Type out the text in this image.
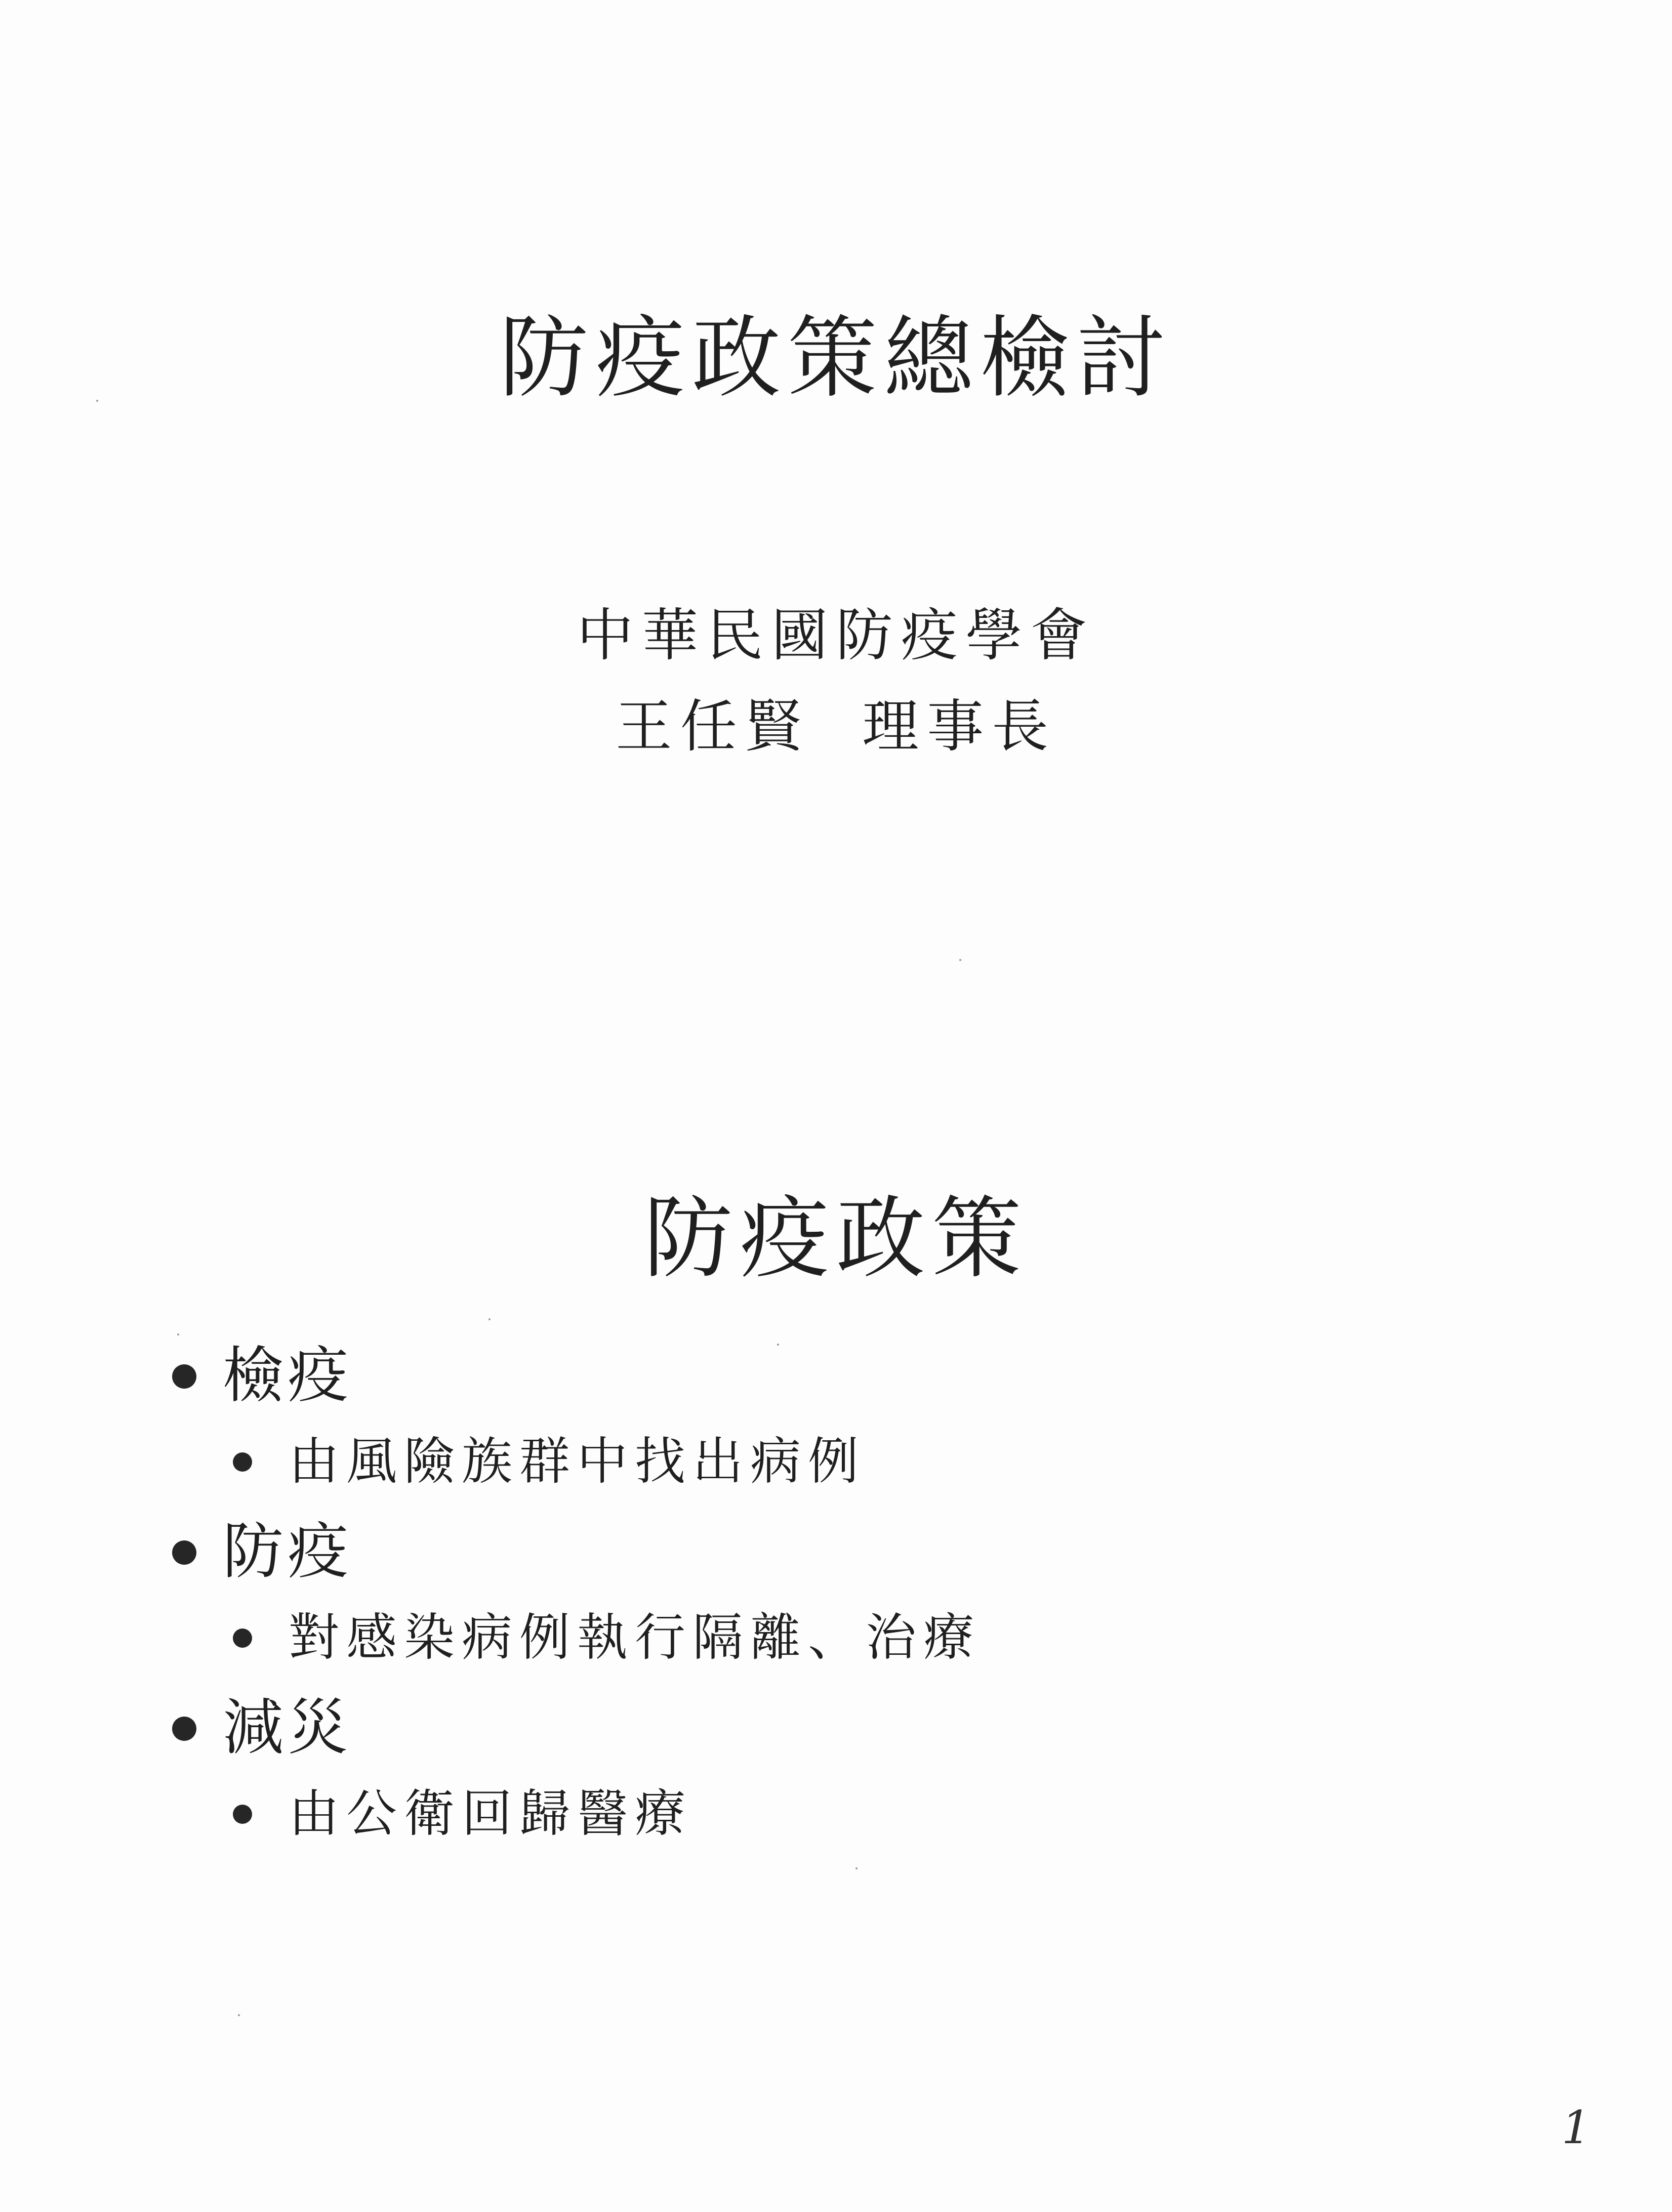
防疫政策總檢討
中華民國防疫學會
王任賢  理事長
防疫政策
檢疫
由風險族群中找出病例
防疫
對感染病例執行隔離、治療
減災
由公衛回歸醫療
1
